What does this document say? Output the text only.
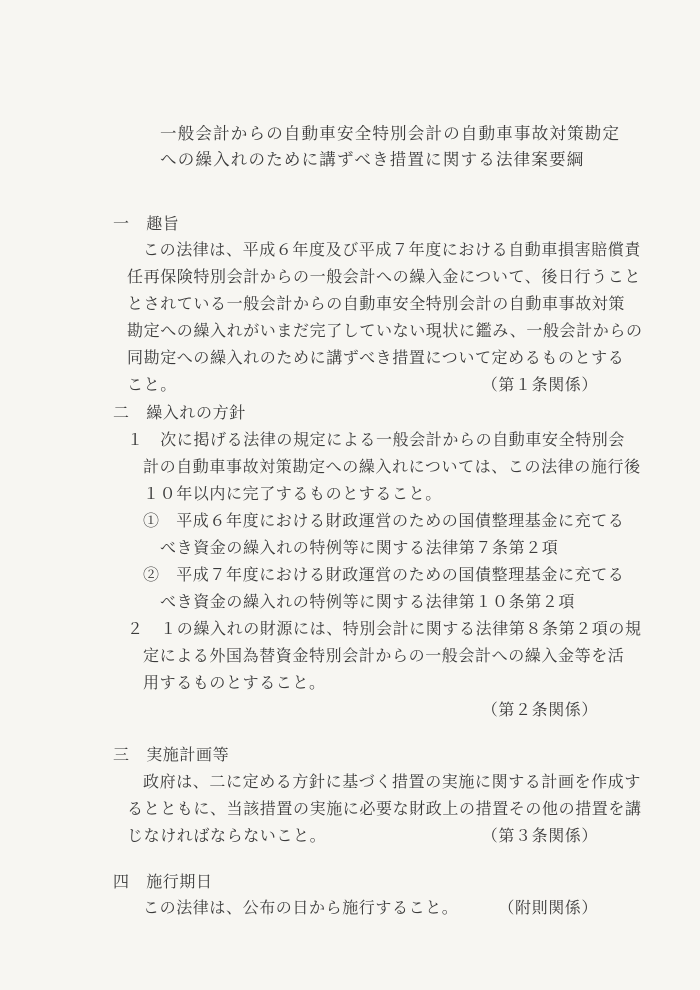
一般会計からの自動車安全特別会計の自動車事故対策勘定
への繰入れのために講ずべき措置に関する法律案要綱
一　趣旨
この法律は、平成６年度及び平成７年度における自動車損害賠償責
任再保険特別会計からの一般会計への繰入金について、後日行うこと
とされている一般会計からの自動車安全特別会計の自動車事故対策
勘定への繰入れがいまだ完了していない現状に鑑み、一般会計からの
同勘定への繰入れのために講ずべき措置について定めるものとする
こと。	（第１条関係）
二　繰入れの方針
１　次に掲げる法律の規定による一般会計からの自動車安全特別会
計の自動車事故対策勘定への繰入れについては、この法律の施行後
１０年以内に完了するものとすること。
①　平成６年度における財政運営のための国債整理基金に充てる
べき資金の繰入れの特例等に関する法律第７条第２項
②　平成７年度における財政運営のための国債整理基金に充てる
べき資金の繰入れの特例等に関する法律第１０条第２項
２　１の繰入れの財源には、特別会計に関する法律第８条第２項の規
定による外国為替資金特別会計からの一般会計への繰入金等を活
用するものとすること。
（第２条関係）
三　実施計画等
政府は、二に定める方針に基づく措置の実施に関する計画を作成す
るとともに、当該措置の実施に必要な財政上の措置その他の措置を講
じなければならないこと。	（第３条関係）
四　施行期日
この法律は、公布の日から施行すること。	（附則関係）
